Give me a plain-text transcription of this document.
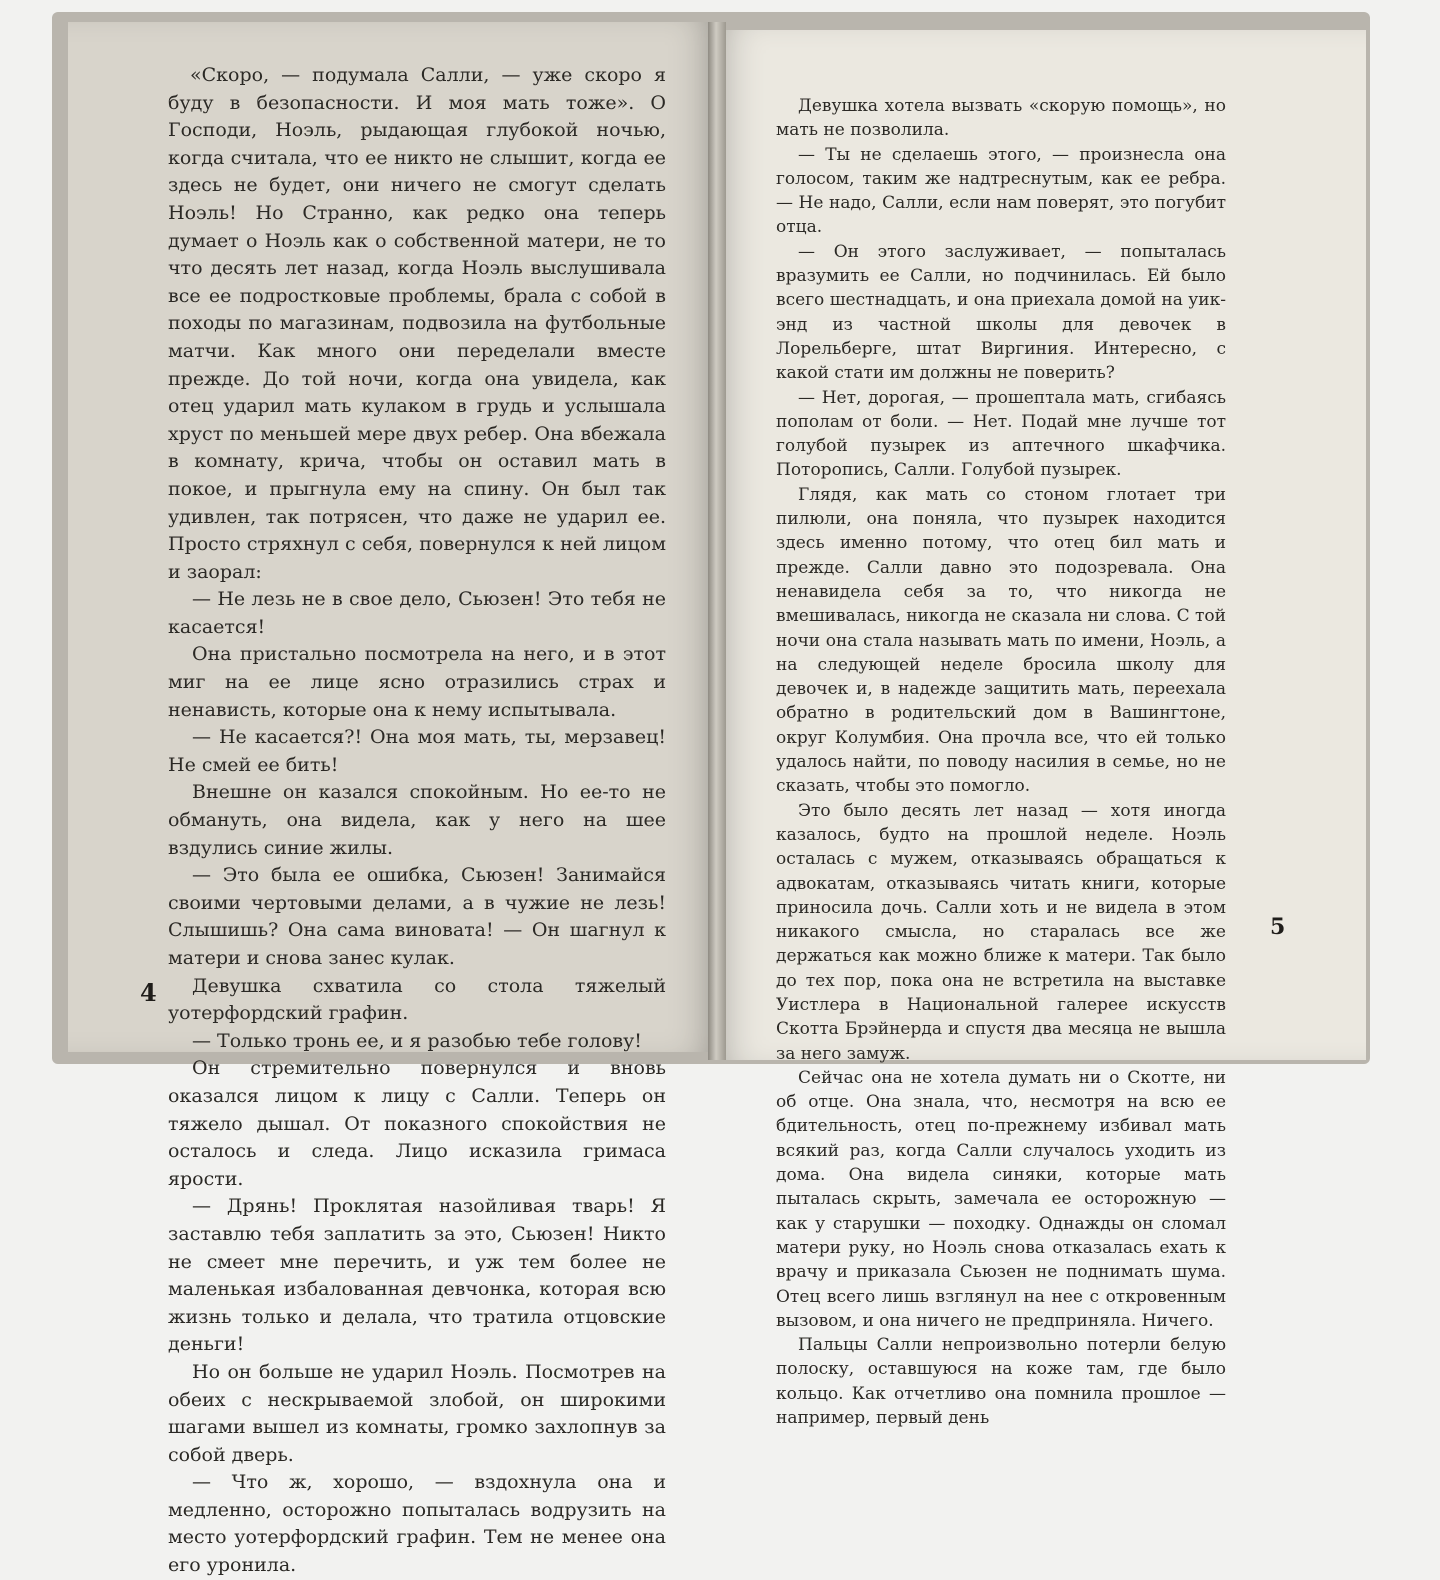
«Скоро, — подумала Салли, — уже скоро я буду в безопасности. И моя мать тоже». О Господи, Ноэль, рыдающая глубокой ночью, когда считала, что ее никто не слышит, когда ее здесь не будет, они ничего не смогут сделать Ноэль! Но Странно, как редко она теперь думает о Ноэль как о собственной матери, не то что десять лет назад, когда Ноэль выслушивала все ее подростковые проблемы, брала с собой в походы по магазинам, подвозила на футбольные матчи. Как много они переделали вместе прежде. До той ночи, когда она увидела, как отец ударил мать кулаком в грудь и услышала хруст по меньшей мере двух ребер. Она вбежала в комнату, крича, чтобы он оставил мать в покое, и прыгнула ему на спину. Он был так удивлен, так потрясен, что даже не ударил ее. Просто стряхнул с себя, повернулся к ней лицом и заорал:

— Не лезь не в свое дело, Сьюзен! Это тебя не касается!

Она пристально посмотрела на него, и в этот миг на ее лице ясно отразились страх и ненависть, которые она к нему испытывала.

— Не касается?! Она моя мать, ты, мерзавец! Не смей ее бить!

Внешне он казался спокойным. Но ее-то не обмануть, она видела, как у него на шее вздулись синие жилы.

— Это была ее ошибка, Сьюзен! Занимайся своими чертовыми делами, а в чужие не лезь! Слышишь? Она сама виновата! — Он шагнул к матери и снова занес кулак.

Девушка схватила со стола тяжелый уотерфордский графин.

— Только тронь ее, и я разобью тебе голову!

Он стремительно повернулся и вновь оказался лицом к лицу с Салли. Теперь он тяжело дышал. От показного спокойствия не осталось и следа. Лицо исказила гримаса ярости.

— Дрянь! Проклятая назойливая тварь! Я заставлю тебя заплатить за это, Сьюзен! Никто не смеет мне перечить, и уж тем более не маленькая избалованная девчонка, которая всю жизнь только и делала, что тратила отцовские деньги!

Но он больше не ударил Ноэль. Посмотрев на обеих с нескрываемой злобой, он широкими шагами вышел из комнаты, громко захлопнув за собой дверь.

— Что ж, хорошо, — вздохнула она и медленно, осторожно попыталась водрузить на место уотерфордский графин. Тем не менее она его уронила.

Девушка хотела вызвать «скорую помощь», но мать не позволила.

— Ты не сделаешь этого, — произнесла она голосом, таким же надтреснутым, как ее ребра. — Не надо, Салли, если нам поверят, это погубит отца.

— Он этого заслуживает, — попыталась вразумить ее Салли, но подчинилась. Ей было всего шестнадцать, и она приехала домой на уик-энд из частной школы для девочек в Лорельберге, штат Виргиния. Интересно, с какой стати им должны не поверить?

— Нет, дорогая, — прошептала мать, сгибаясь пополам от боли. — Нет. Подай мне лучше тот голубой пузырек из аптечного шкафчика. Поторопись, Салли. Голубой пузырек.

Глядя, как мать со стоном глотает три пилюли, она поняла, что пузырек находится здесь именно потому, что отец бил мать и прежде. Салли давно это подозревала. Она ненавидела себя за то, что никогда не вмешивалась, никогда не сказала ни слова. С той ночи она стала называть мать по имени, Ноэль, а на следующей неделе бросила школу для девочек и, в надежде защитить мать, переехала обратно в родительский дом в Вашингтоне, округ Колумбия. Она прочла все, что ей только удалось найти, по поводу насилия в семье, но не сказать, чтобы это помогло.

Это было десять лет назад — хотя иногда казалось, будто на прошлой неделе. Ноэль осталась с мужем, отказываясь обращаться к адвокатам, отказываясь читать книги, которые приносила дочь. Салли хоть и не видела в этом никакого смысла, но старалась все же держаться как можно ближе к матери. Так было до тех пор, пока она не встретила на выставке Уистлера в Национальной галерее искусств Скотта Брэйнерда и спустя два месяца не вышла за него замуж.

Сейчас она не хотела думать ни о Скотте, ни об отце. Она знала, что, несмотря на всю ее бдительность, отец по-прежнему избивал мать всякий раз, когда Салли случалось уходить из дома. Она видела синяки, которые мать пыталась скрыть, замечала ее осторожную — как у старушки — походку. Однажды он сломал матери руку, но Ноэль снова отказалась ехать к врачу и приказала Сьюзен не поднимать шума. Отец всего лишь взглянул на нее с откровенным вызовом, и она ничего не предприняла. Ничего.

Пальцы Салли непроизвольно потерли белую полоску, оставшуюся на коже там, где было кольцо. Как отчетливо она помнила прошлое — например, первый день

4
5
